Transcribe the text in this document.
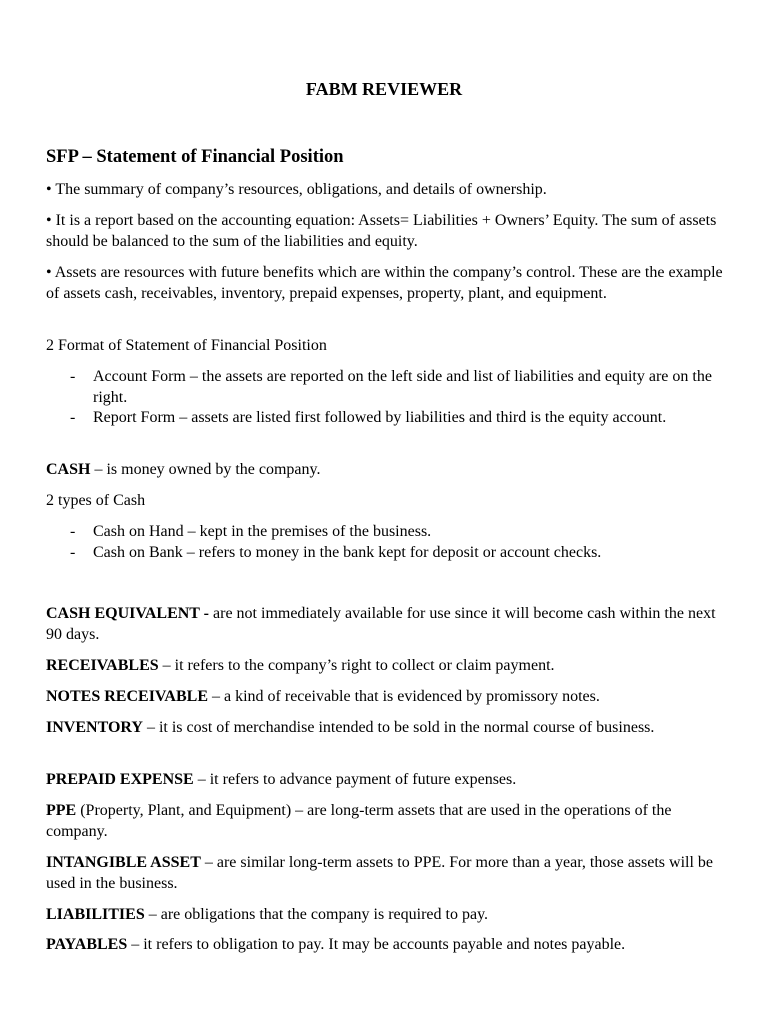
FABM REVIEWER
SFP – Statement of Financial Position
• The summary of company’s resources, obligations, and details of ownership.
• It is a report based on the accounting equation: Assets= Liabilities + Owners’ Equity. The sum of assets should be balanced to the sum of the liabilities and equity.
• Assets are resources with future benefits which are within the company’s control. These are the example of assets cash, receivables, inventory, prepaid expenses, property, plant, and equipment.
2 Format of Statement of Financial Position
- Account Form – the assets are reported on the left side and list of liabilities and equity are on the right.
- Report Form – assets are listed first followed by liabilities and third is the equity account.
CASH – is money owned by the company.
2 types of Cash
- Cash on Hand – kept in the premises of the business.
- Cash on Bank – refers to money in the bank kept for deposit or account checks.
CASH EQUIVALENT - are not immediately available for use since it will become cash within the next 90 days.
RECEIVABLES – it refers to the company’s right to collect or claim payment.
NOTES RECEIVABLE – a kind of receivable that is evidenced by promissory notes.
INVENTORY – it is cost of merchandise intended to be sold in the normal course of business.
PREPAID EXPENSE – it refers to advance payment of future expenses.
PPE (Property, Plant, and Equipment) – are long-term assets that are used in the operations of the company.
INTANGIBLE ASSET – are similar long-term assets to PPE. For more than a year, those assets will be used in the business.
LIABILITIES – are obligations that the company is required to pay.
PAYABLES – it refers to obligation to pay. It may be accounts payable and notes payable.
